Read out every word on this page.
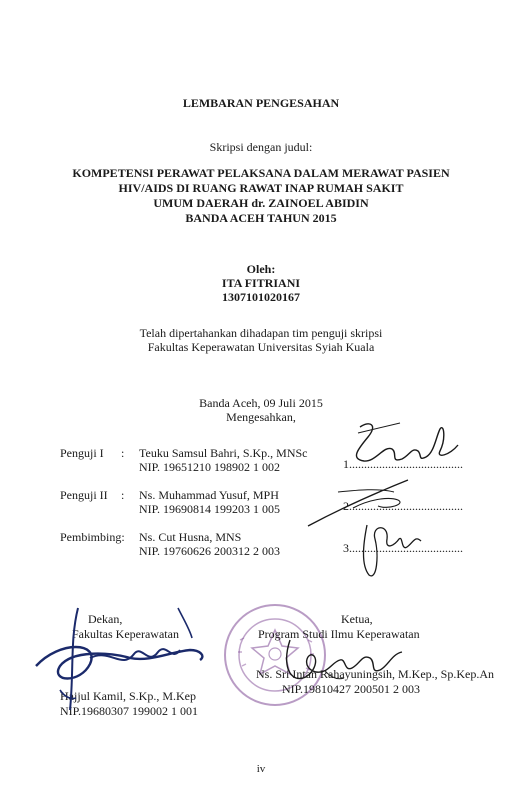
LEMBARAN PENGESAHAN
Skripsi dengan judul:
KOMPETENSI PERAWAT PELAKSANA DALAM MERAWAT PASIEN
HIV/AIDS DI RUANG RAWAT INAP RUMAH SAKIT
UMUM DAERAH dr. ZAINOEL ABIDIN
BANDA ACEH TAHUN 2015
Oleh:
ITA FITRIANI
1307101020167
Telah dipertahankan dihadapan tim penguji skripsi
Fakultas Keperawatan Universitas Syiah Kuala
Banda Aceh, 09 Juli 2015
Mengesahkan,
Penguji I : Teuku Samsul Bahri, S.Kp., MNSc
NIP. 19651210 198902 1 002	1......................................
Penguji II : Ns. Muhammad Yusuf, MPH
NIP. 19690814 199203 1 005	2......................................
Pembimbing: Ns. Cut Husna, MNS
NIP. 19760626 200312 2 003	3......................................
Dekan,
Fakultas Keperawatan
Hajjul Kamil, S.Kp., M.Kep
NIP.19680307 199002 1 001
Ketua,
Program Studi Ilmu Keperawatan
Ns. Sri Intan Rahayuningsih, M.Kep., Sp.Kep.An
NIP.19810427 200501 2 003
iv
